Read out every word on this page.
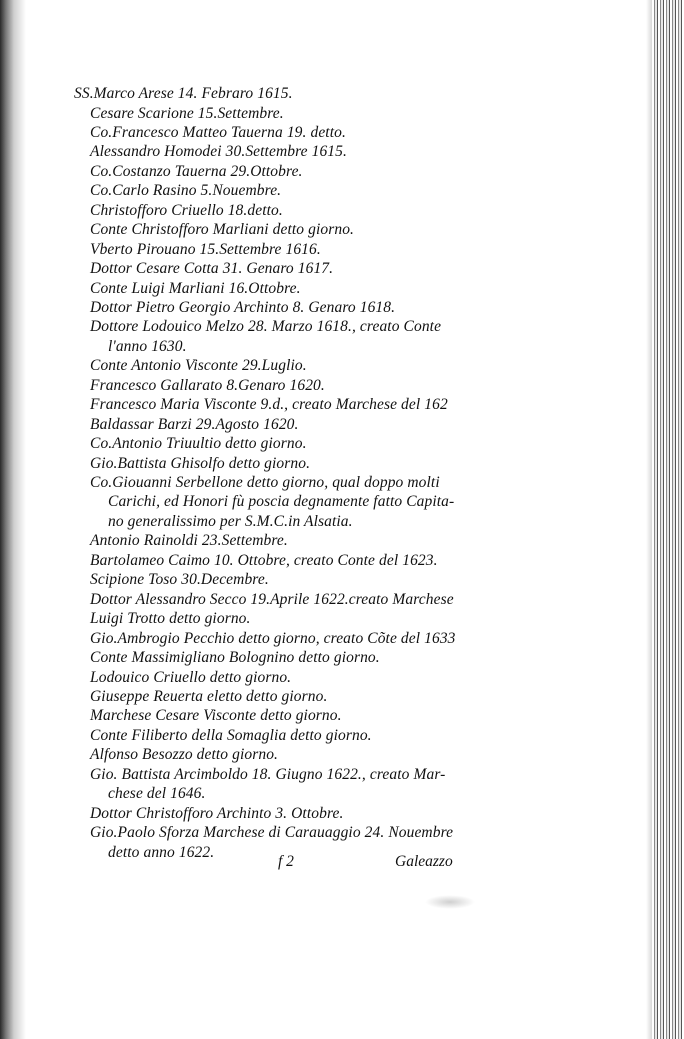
SS.Marco Arese 14. Febraro 1615.
Cesare Scarione 15.Settembre.
Co.Francesco Matteo Tauerna 19. detto.
Alessandro Homodei 30.Settembre 1615.
Co.Costanzo Tauerna 29.Ottobre.
Co.Carlo Rasino 5.Nouembre.
Christofforo Criuello 18.detto.
Conte Christofforo Marliani detto giorno.
Vberto Pirouano 15.Settembre 1616.
Dottor Cesare Cotta 31. Genaro 1617.
Conte Luigi Marliani 16.Ottobre.
Dottor Pietro Georgio Archinto 8. Genaro 1618.
Dottore Lodouico Melzo 28. Marzo 1618., creato Conte
l'anno 1630.
Conte Antonio Visconte 29.Luglio.
Francesco Gallarato 8.Genaro 1620.
Francesco Maria Visconte 9.d., creato Marchese del 162
Baldassar Barzi 29.Agosto 1620.
Co.Antonio Triuultio detto giorno.
Gio.Battista Ghisolfo detto giorno.
Co.Giouanni Serbellone detto giorno, qual doppo molti
Carichi, ed Honori fù poscia degnamente fatto Capita-
no generalissimo per S.M.C.in Alsatia.
Antonio Rainoldi 23.Settembre.
Bartolameo Caimo 10. Ottobre, creato Conte del 1623.
Scipione Toso 30.Decembre.
Dottor Alessandro Secco 19.Aprile 1622.creato Marchese
Luigi Trotto detto giorno.
Gio.Ambrogio Pecchio detto giorno, creato Cõte del 1633
Conte Massimigliano Bolognino detto giorno.
Lodouico Criuello detto giorno.
Giuseppe Reuerta eletto detto giorno.
Marchese Cesare Visconte detto giorno.
Conte Filiberto della Somaglia detto giorno.
Alfonso Besozzo detto giorno.
Gio. Battista Arcimboldo 18. Giugno 1622., creato Mar-
chese del 1646.
Dottor Christofforo Archinto 3. Ottobre.
Gio.Paolo Sforza Marchese di Carauaggio 24. Nouembre
detto anno 1622.
f 2	Galeazzo
